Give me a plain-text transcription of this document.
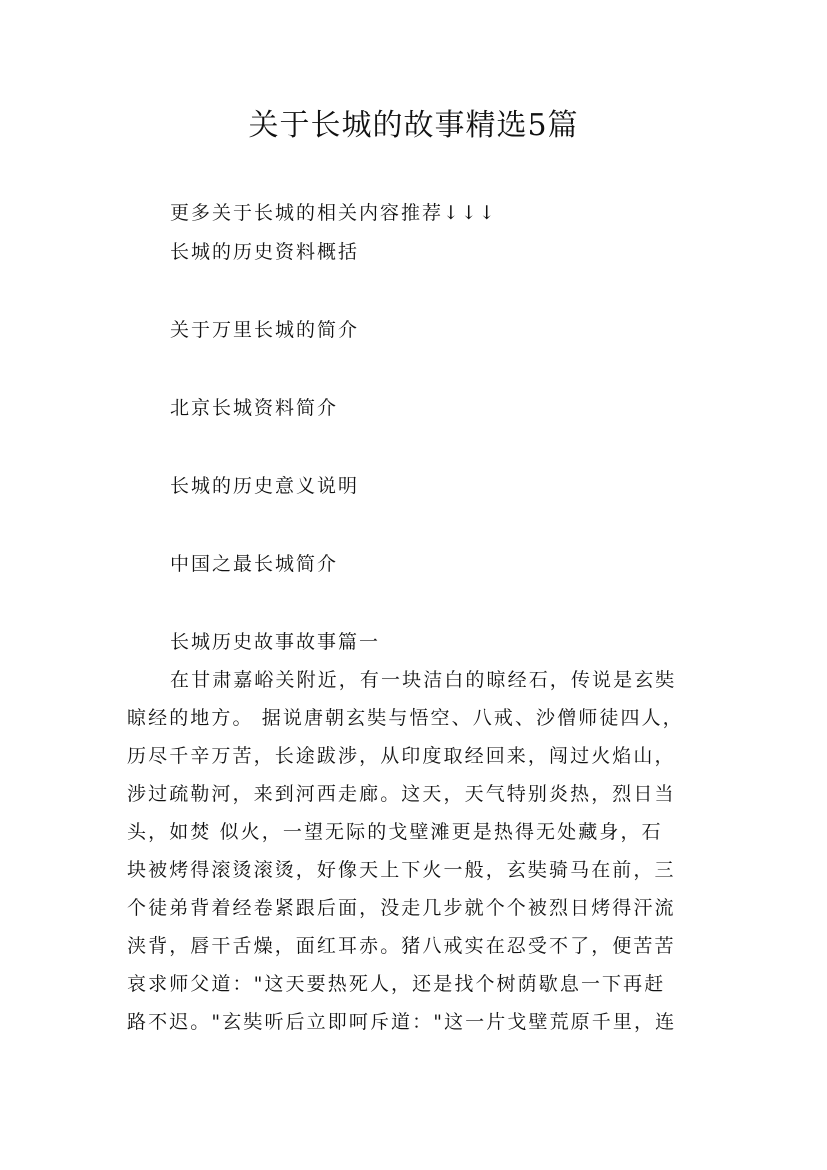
关于长城的故事精选5篇

更多关于长城的相关内容推荐↓↓↓

长城的历史资料概括

关于万里长城的简介

北京长城资料简介

长城的历史意义说明

中国之最长城简介

长城历史故事故事篇一

在甘肃嘉峪关附近，有一块洁白的晾经石，传说是玄奘

晾经的地方。 据说唐朝玄奘与悟空、八戒、沙僧师徒四人，

历尽千辛万苦，长途跋涉，从印度取经回来，闯过火焰山，

涉过疏勒河，来到河西走廊。这天，天气特别炎热，烈日当

头，如焚 似火，一望无际的戈壁滩更是热得无处藏身，石

块被烤得滚烫滚烫，好像天上下火一般，玄奘骑马在前，三

个徒弟背着经卷紧跟后面，没走几步就个个被烈日烤得汗流

浃背，唇干舌燥，面红耳赤。猪八戒实在忍受不了，便苦苦

哀求师父道："这天要热死人，还是找个树荫歇息一下再赶

路不迟。"玄奘听后立即呵斥道："这一片戈壁荒原千里，连
